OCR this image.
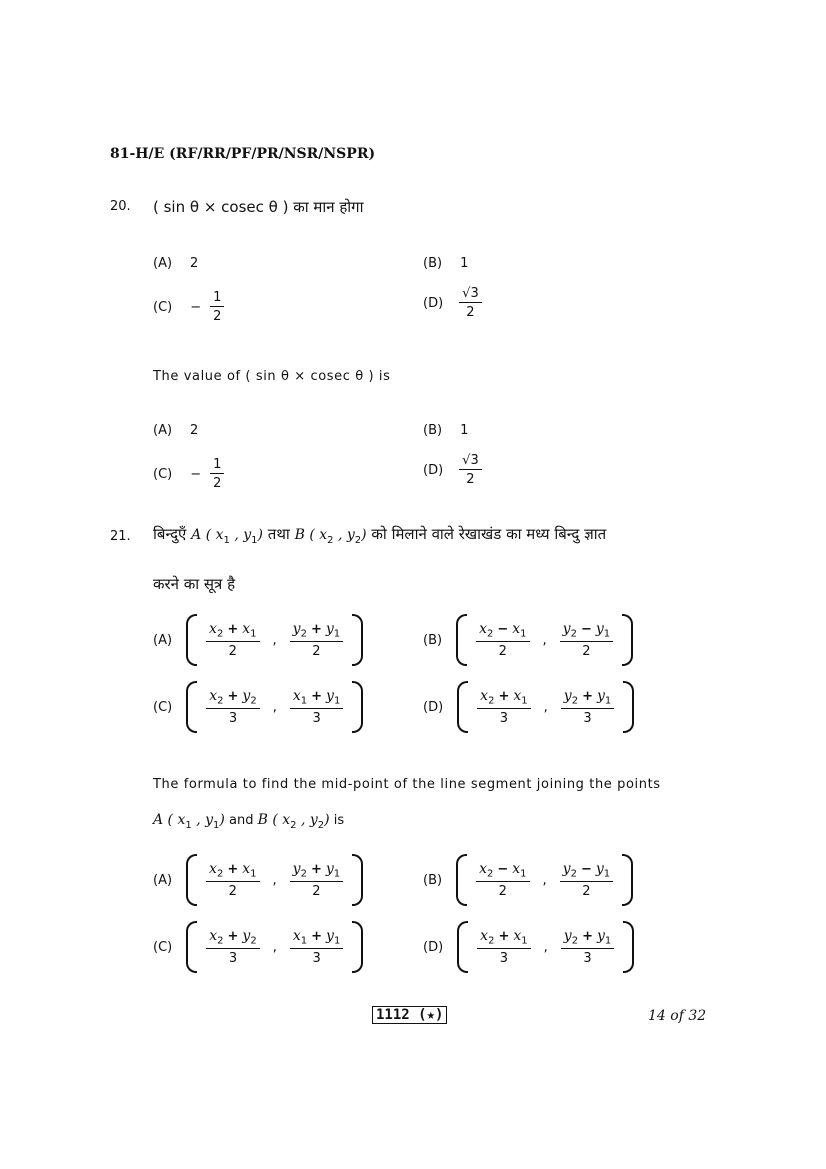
81-H/E (RF/RR/PF/PR/NSR/NSPR)
20. ( sin θ × cosec θ ) का मान होगा
(A) 2	(B) 1
$(C) - \frac{1}{2}$	$(D) \frac{√3}{2}$
The value of ( sin θ × cosec θ ) is
(A) 2	(B) 1
$(C) - \frac{1}{2}$	$(D) \frac{√3}{2}$
21. बिन्दुएँ A ( $x_1$ , $y_1$) तथा B ( $x_2$ , $y_2$) को मिलाने वाले रेखाखंड का मध्य बिन्दु ज्ञात
करने का सूत्र है
$(A) \frac{x_2 + x_1}{2}$ , $\frac{y_2 + y_1}{2}$	$(B) \frac{x_2 - x_1}{2}$ , $\frac{y_2 - y_1}{2}$
$(C) \frac{x_2 + y_2}{3}$ , $\frac{x_1 + y_1}{3}$	$(D) \frac{x_2 + x_1}{3}$ , $\frac{y_2 + y_1}{3}$
The formula to find the mid-point of the line segment joining the points
A ( $x_1$ , $y_1$) and B ( $x_2$ , $y_2$) is
$(A) \frac{x_2 + x_1}{2}$ , $\frac{y_2 + y_1}{2}$	$(B) \frac{x_2 - x_1}{2}$ , $\frac{y_2 - y_1}{2}$
$(C) \frac{x_2 + y_2}{3}$ , $\frac{x_1 + y_1}{3}$	$(D) \frac{x_2 + x_1}{3}$ , $\frac{y_2 + y_1}{3}$
1112 (★)	14 of 32
